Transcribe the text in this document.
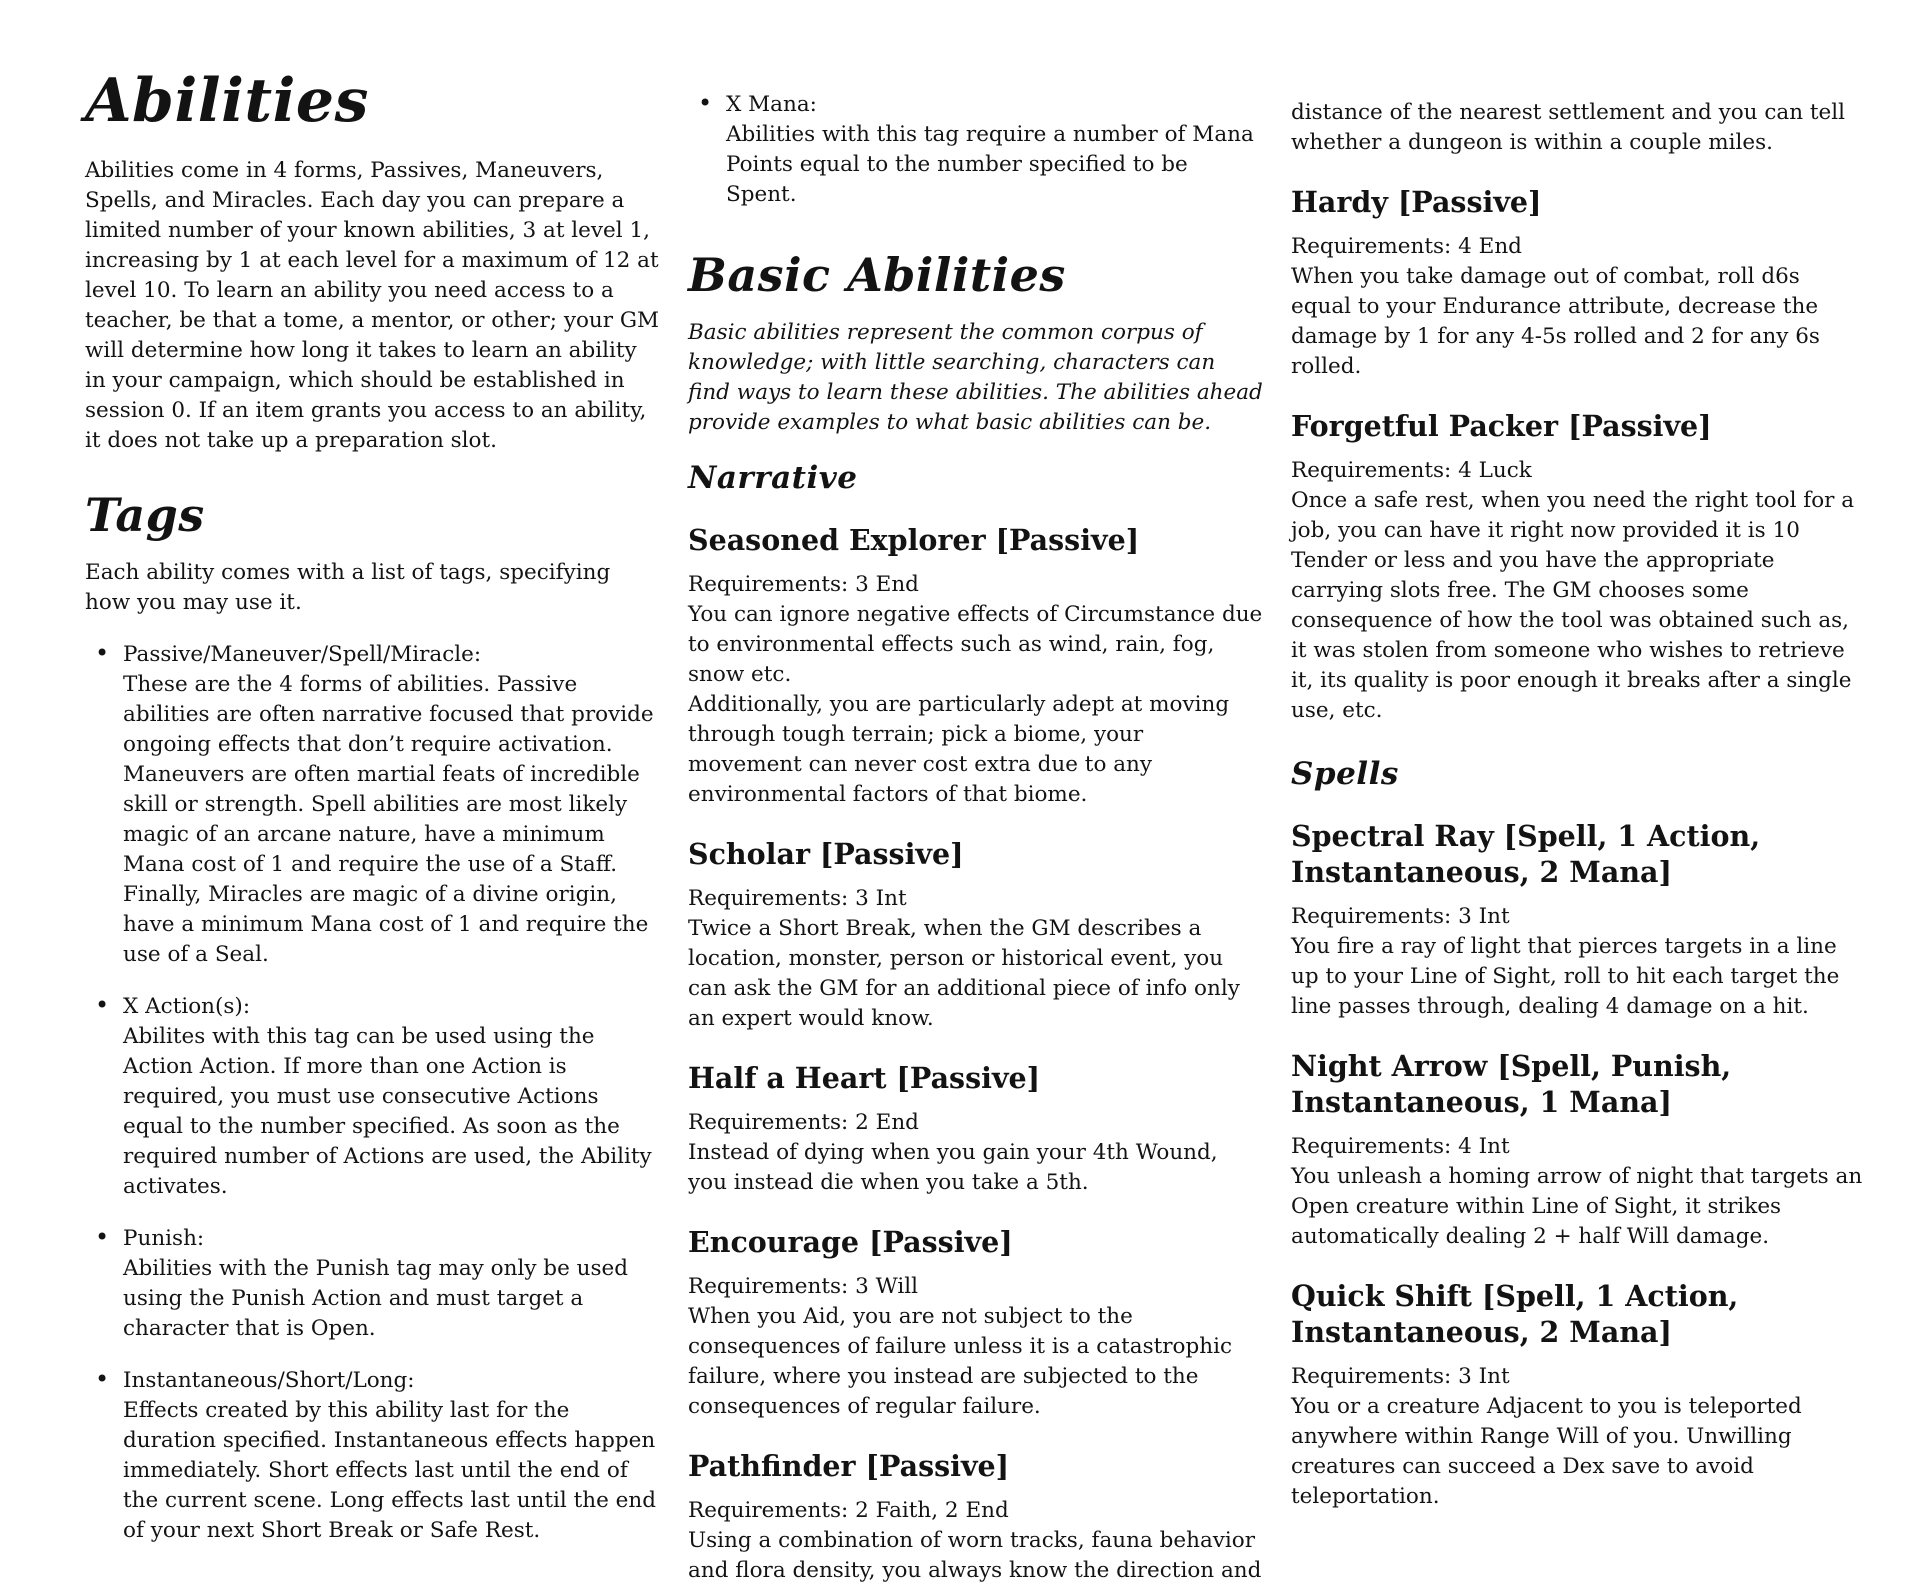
Abilities

Abilities come in 4 forms, Passives, Maneuvers, Spells, and Miracles. Each day you can prepare a limited number of your known abilities, 3 at level 1, increasing by 1 at each level for a maximum of 12 at level 10. To learn an ability you need access to a teacher, be that a tome, a mentor, or other; your GM will determine how long it takes to learn an ability in your campaign, which should be established in session 0. If an item grants you access to an ability, it does not take up a preparation slot.

Tags

Each ability comes with a list of tags, specifying how you may use it.

• Passive/Maneuver/Spell/Miracle:
These are the 4 forms of abilities. Passive abilities are often narrative focused that provide ongoing effects that don’t require activation. Maneuvers are often martial feats of incredible skill or strength. Spell abilities are most likely magic of an arcane nature, have a minimum Mana cost of 1 and require the use of a Staff. Finally, Miracles are magic of a divine origin, have a minimum Mana cost of 1 and require the use of a Seal.
• X Action(s):
Abilites with this tag can be used using the Action Action. If more than one Action is required, you must use consecutive Actions equal to the number specified. As soon as the required number of Actions are used, the Ability activates.
• Punish:
Abilities with the Punish tag may only be used using the Punish Action and must target a character that is Open.
• Instantaneous/Short/Long:
Effects created by this ability last for the duration specified. Instantaneous effects happen immediately. Short effects last until the end of the current scene. Long effects last until the end of your next Short Break or Safe Rest.
• X Mana:
Abilities with this tag require a number of Mana Points equal to the number specified to be Spent.
Basic Abilities

Basic abilities represent the common corpus of knowledge; with little searching, characters can find ways to learn these abilities. The abilities ahead provide examples to what basic abilities can be.

Narrative
Seasoned Explorer [Passive]
Requirements: 3 End
You can ignore negative effects of Circumstance due to environmental effects such as wind, rain, fog, snow etc.
Additionally, you are particularly adept at moving through tough terrain; pick a biome, your movement can never cost extra due to any environmental factors of that biome.
Scholar [Passive]
Requirements: 3 Int
Twice a Short Break, when the GM describes a location, monster, person or historical event, you can ask the GM for an additional piece of info only an expert would know.
Half a Heart [Passive]
Requirements: 2 End
Instead of dying when you gain your 4th Wound, you instead die when you take a 5th.
Encourage [Passive]
Requirements: 3 Will
When you Aid, you are not subject to the consequences of failure unless it is a catastrophic failure, where you instead are subjected to the consequences of regular failure.
Pathfinder [Passive]
Requirements: 2 Faith, 2 End
Using a combination of worn tracks, fauna behavior and flora density, you always know the direction and

distance of the nearest settlement and you can tell whether a dungeon is within a couple miles.

Hardy [Passive]
Requirements: 4 End
When you take damage out of combat, roll d6s equal to your Endurance attribute, decrease the damage by 1 for any 4-5s rolled and 2 for any 6s rolled.
Forgetful Packer [Passive]
Requirements: 4 Luck
Once a safe rest, when you need the right tool for a job, you can have it right now provided it is 10 Tender or less and you have the appropriate carrying slots free. The GM chooses some consequence of how the tool was obtained such as, it was stolen from someone who wishes to retrieve it, its quality is poor enough it breaks after a single use, etc.
Spells
Spectral Ray [Spell, 1 Action, Instantaneous, 2 Mana]
Requirements: 3 Int
You fire a ray of light that pierces targets in a line up to your Line of Sight, roll to hit each target the line passes through, dealing 4 damage on a hit.
Night Arrow [Spell, Punish, Instantaneous, 1 Mana]
Requirements: 4 Int
You unleash a homing arrow of night that targets an Open creature within Line of Sight, it strikes automatically dealing 2 + half Will damage.
Quick Shift [Spell, 1 Action, Instantaneous, 2 Mana]
Requirements: 3 Int
You or a creature Adjacent to you is teleported anywhere within Range Will of you. Unwilling creatures can succeed a Dex save to avoid teleportation.
